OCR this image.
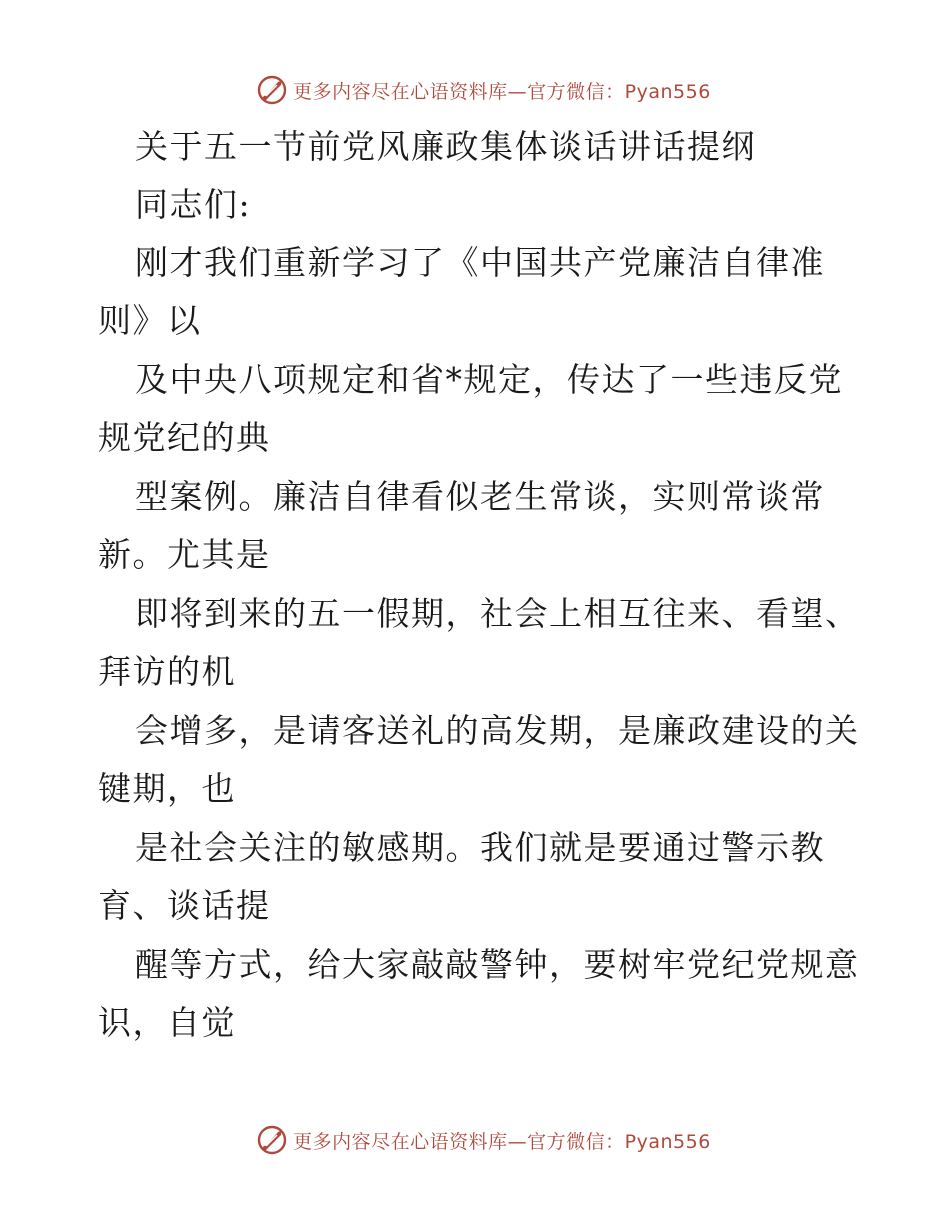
更多内容尽在心语资料库—官方微信：Pyan556
关于五一节前党风廉政集体谈话讲话提纲
同志们:
刚才我们重新学习了《中国共产党廉洁自律准
则》以
及中央八项规定和省*规定，传达了一些违反党
规党纪的典
型案例。廉洁自律看似老生常谈，实则常谈常
新。尤其是
即将到来的五一假期，社会上相互往来、看望、
拜访的机
会增多，是请客送礼的高发期，是廉政建设的关
键期，也
是社会关注的敏感期。我们就是要通过警示教
育、谈话提
醒等方式，给大家敲敲警钟，要树牢党纪党规意
识，自觉
更多内容尽在心语资料库—官方微信：Pyan556
